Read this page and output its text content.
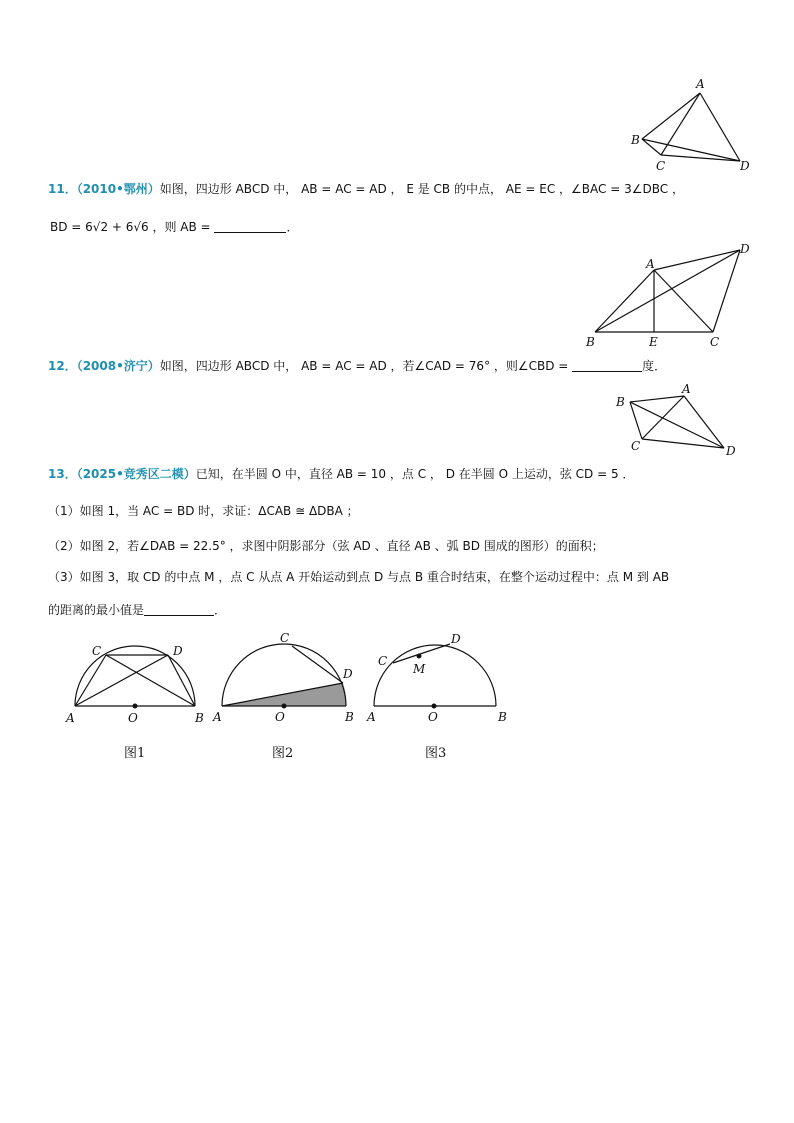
A
B
C	D
11．（2010•鄂州）如图，四边形 ABCD 中， AB = AC = AD ， E 是 CB 的中点， AE = EC ，∠BAC = 3∠DBC ，
BD = 6√2 + 6√6 ，则 AB =	．
A
B	E	C
D
12．（2008•济宁）如图，四边形 ABCD 中， AB = AC = AD ，若∠CAD = 76° ，则∠CBD =	度．
B
A
C	D
13．（2025•竞秀区二模）已知，在半圆 O 中，直径 AB = 10 ，点 C ， D 在半圆 O 上运动，弦 CD = 5 ．
（1）如图 1，当 AC = BD 时，求证：ΔCAB ≅ ΔDBA ；
（2）如图 2，若∠DAB = 22.5° ，求图中阴影部分（弦 AD 、直径 AB 、弧 BD 围成的图形）的面积；
（3）如图 3，取 CD 的中点 M ，点 C 从点 A 开始运动到点 D 与点 B 重合时结束，在整个运动过程中：点 M 到 AB
的距离的最小值是	．
C	D
A	O	B
图1
C
D
A	O	B
图2
C
D
M
A	O	B
图3
